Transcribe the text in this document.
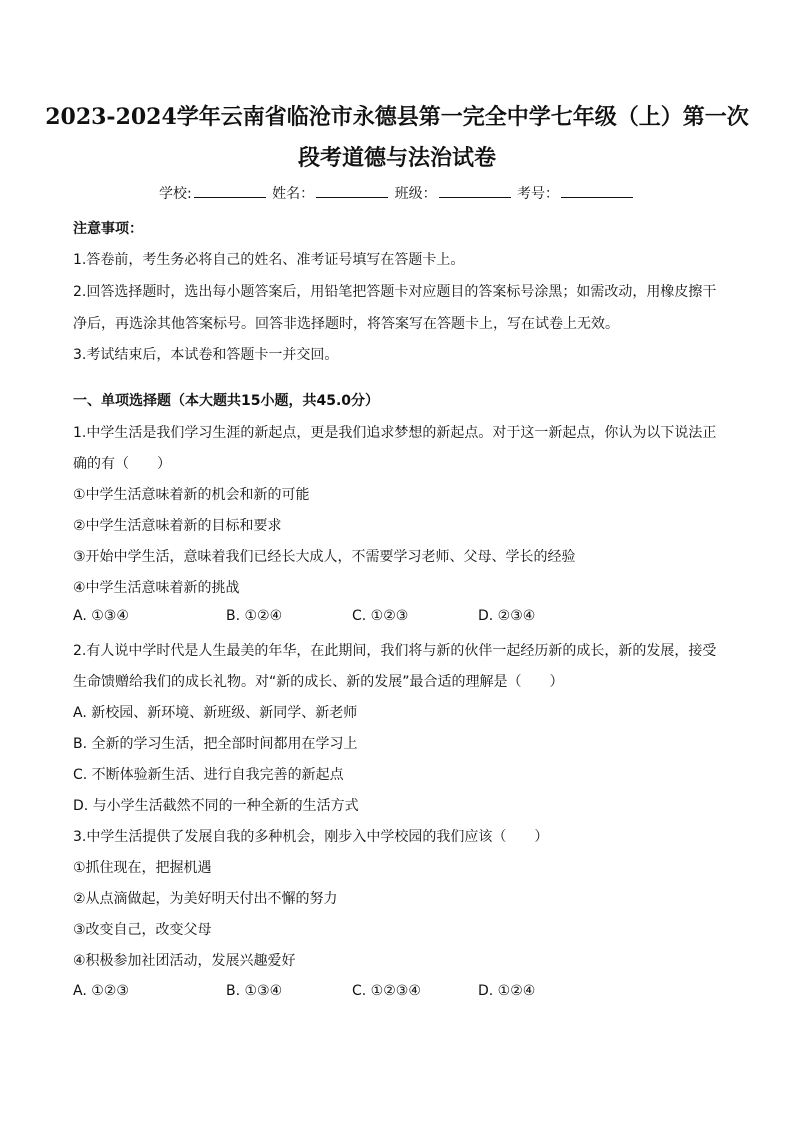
2023-2024学年云南省临沧市永德县第一完全中学七年级（上）第一次
段考道德与法治试卷
学校:	姓名：	班级：	考号：
注意事项：
1.答卷前，考生务必将自己的姓名、准考证号填写在答题卡上。
2.回答选择题时，选出每小题答案后，用铅笔把答题卡对应题目的答案标号涂黑；如需改动，用橡皮擦干
净后，再选涂其他答案标号。回答非选择题时，将答案写在答题卡上，写在试卷上无效。
3.考试结束后，本试卷和答题卡一并交回。
一、单项选择题（本大题共15小题，共45.0分）
1.中学生活是我们学习生涯的新起点，更是我们追求梦想的新起点。对于这一新起点，你认为以下说法正
确的有（　　）
①中学生活意味着新的机会和新的可能
②中学生活意味着新的目标和要求
③开始中学生活，意味着我们已经长大成人，不需要学习老师、父母、学长的经验
④中学生活意味着新的挑战
A. ①③④	B. ①②④	C. ①②③	D. ②③④
2.有人说中学时代是人生最美的年华，在此期间，我们将与新的伙伴一起经历新的成长，新的发展，接受
生命馈赠给我们的成长礼物。对“新的成长、新的发展”最合适的理解是（　　）
A. 新校园、新环境、新班级、新同学、新老师
B. 全新的学习生活，把全部时间都用在学习上
C. 不断体验新生活、进行自我完善的新起点
D. 与小学生活截然不同的一种全新的生活方式
3.中学生活提供了发展自我的多种机会，刚步入中学校园的我们应该（　　）
①抓住现在，把握机遇
②从点滴做起，为美好明天付出不懈的努力
③改变自己，改变父母
④积极参加社团活动，发展兴趣爱好
A. ①②③	B. ①③④	C. ①②③④	D. ①②④
